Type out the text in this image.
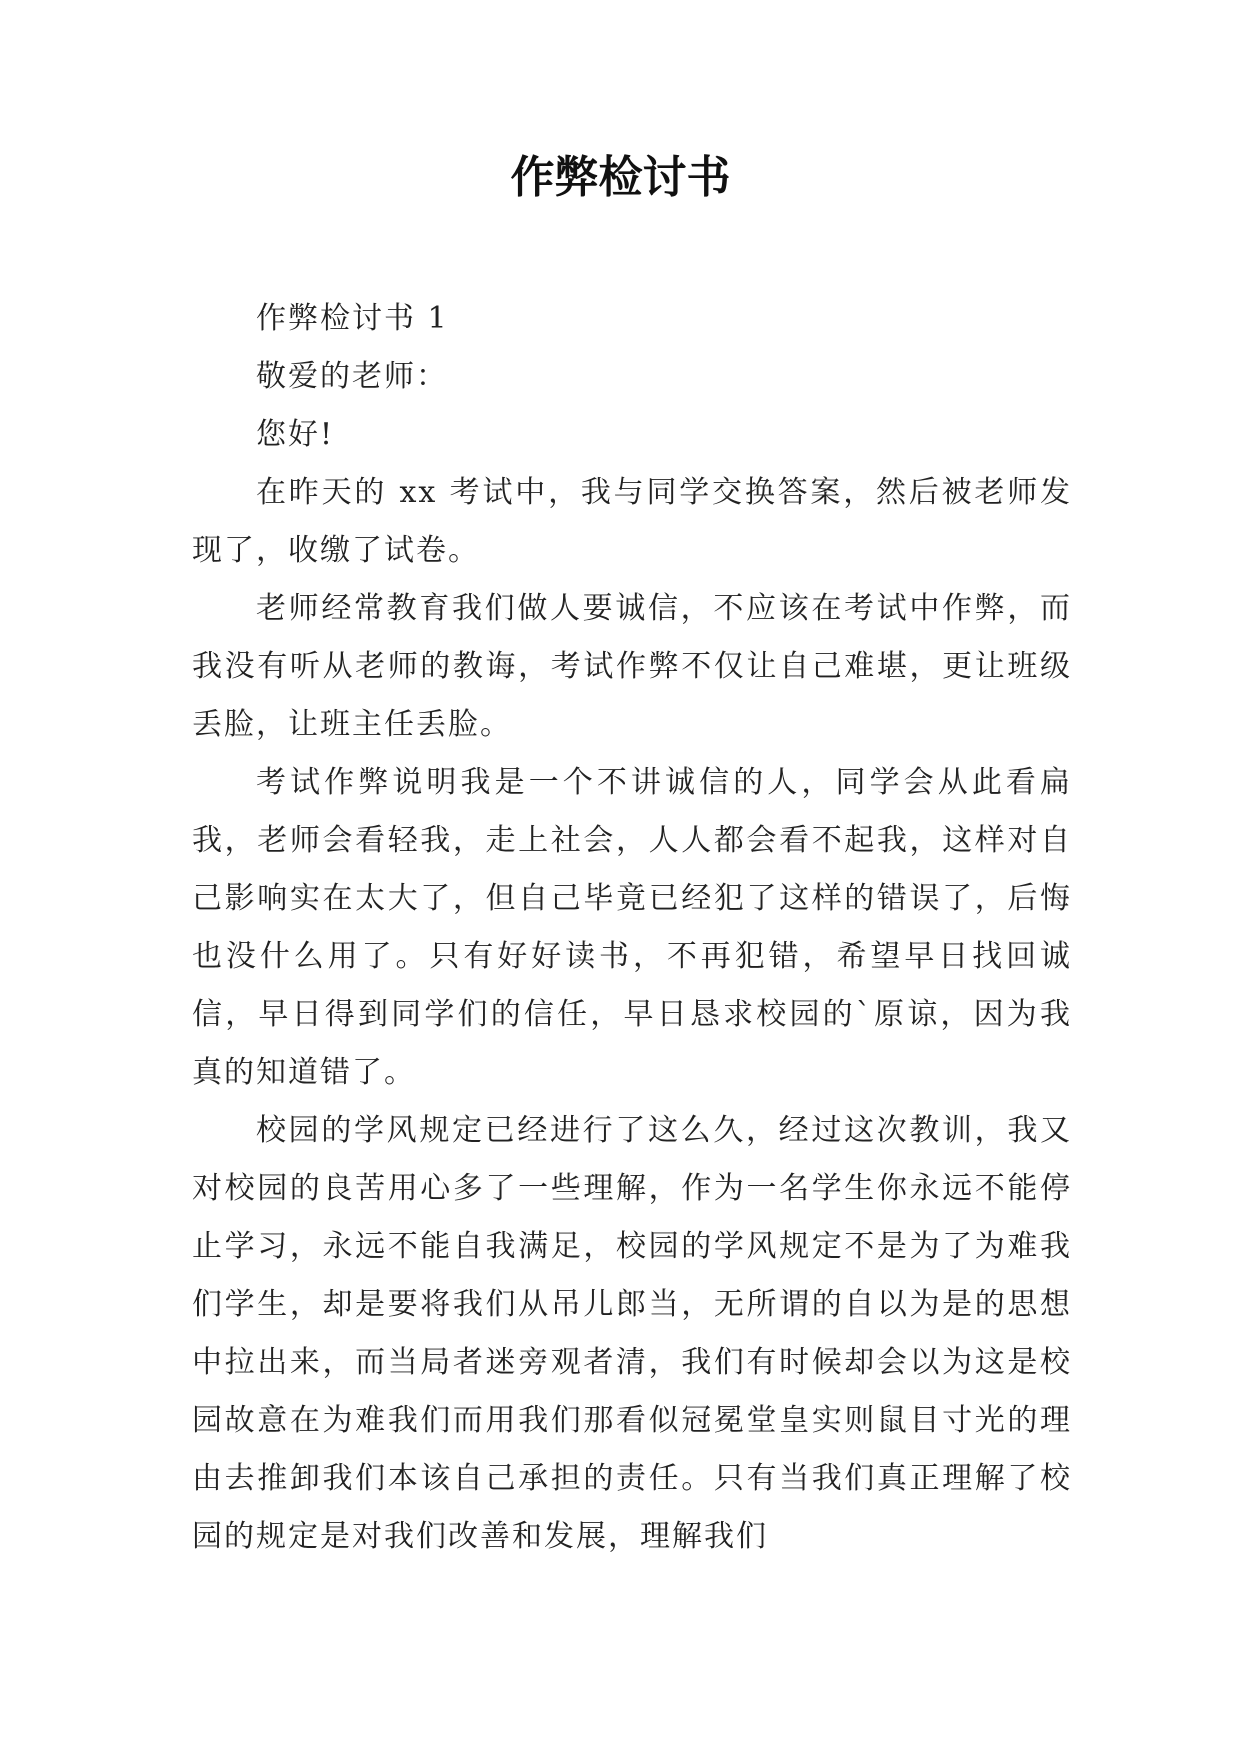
作弊检讨书

作弊检讨书 1

敬爱的老师：

您好!

在昨天的 xx 考试中，我与同学交换答案，然后被老师发现了，收缴了试卷。

老师经常教育我们做人要诚信，不应该在考试中作弊，而我没有听从老师的教诲，考试作弊不仅让自己难堪，更让班级丢脸，让班主任丢脸。

考试作弊说明我是一个不讲诚信的人，同学会从此看扁我，老师会看轻我，走上社会，人人都会看不起我，这样对自己影响实在太大了，但自己毕竟已经犯了这样的错误了，后悔也没什么用了。只有好好读书，不再犯错，希望早日找回诚信，早日得到同学们的信任，早日恳求校园的`原谅，因为我真的知道错了。

校园的学风规定已经进行了这么久，经过这次教训，我又对校园的良苦用心多了一些理解，作为一名学生你永远不能停止学习，永远不能自我满足，校园的学风规定不是为了为难我们学生，却是要将我们从吊儿郎当，无所谓的自以为是的思想中拉出来，而当局者迷旁观者清，我们有时候却会以为这是校园故意在为难我们而用我们那看似冠冕堂皇实则鼠目寸光的理由去推卸我们本该自己承担的责任。只有当我们真正理解了校园的规定是对我们改善和发展，理解我们
